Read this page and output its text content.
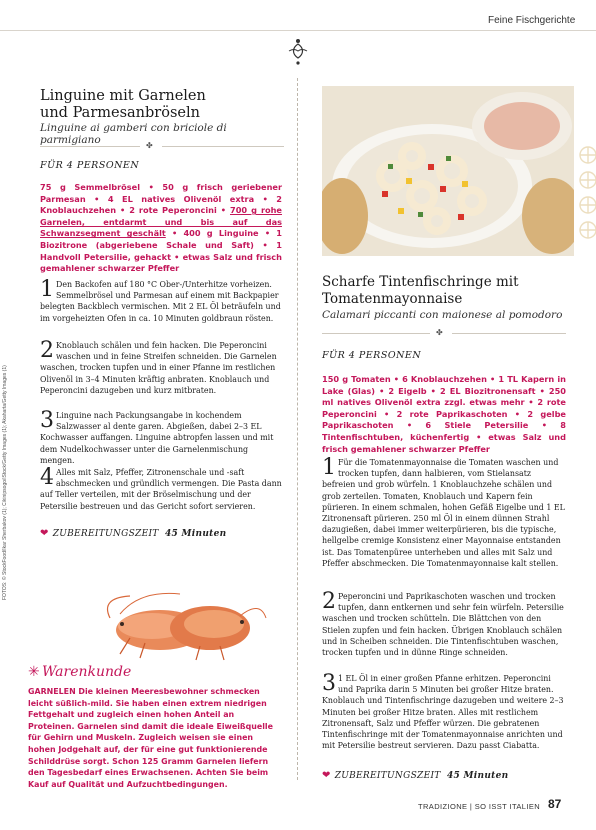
Feine Fischgerichte
Linguine mit Garnelen
und Parmesanbröseln
Linguine ai gamberi con briciole di parmigiano	✤
FÜR 4 PERSONEN
75 g Semmelbrösel • 50 g frisch geriebener Parmesan • 4 EL natives Olivenöl extra • 2 Knoblauchzehen • 2 rote Peperoncini • 700 g rohe Garnelen, entdarmt und bis auf das Schwanzsegment geschält • 400 g Linguine • 1 Biozitrone (abgeriebene Schale und Saft) • 1 Handvoll Petersilie, gehackt • etwas Salz und frisch gemahlener schwarzer Pfeffer
1 Den Backofen auf 180 °C Ober-/Unterhitze vorheizen. Semmelbrösel und Parmesan auf einem mit Backpapier belegten Backblech vermischen. Mit 2 EL Öl beträufeln und im vorgeheizten Ofen in ca. 10 Minuten goldbraun rösten.
2 Knoblauch schälen und fein hacken. Die Peperoncini waschen und in feine Streifen schneiden. Die Garnelen waschen, trocken tupfen und in einer Pfanne im restlichen Olivenöl in 3–4 Minuten kräftig anbraten. Knoblauch und Peperoncini dazugeben und kurz mitbraten.
3 Linguine nach Packungsangabe in kochendem Salzwasser al dente garen. Abgießen, dabei 2–3 EL Kochwasser auffangen. Linguine abtropfen lassen und mit dem Nudelkochwasser unter die Garnelenmischung mengen.
4 Alles mit Salz, Pfeffer, Zitronenschale und -saft abschmecken und gründlich vermengen. Die Pasta dann auf Teller verteilen, mit der Bröselmischung und der Petersilie bestreuen und das Gericht sofort servieren.
❤ ZUBEREITUNGSZEIT 45 Minuten
✳ Warenkunde
GARNELEN Die kleinen Meeresbewohner schmecken leicht süßlich-mild. Sie haben einen extrem niedrigen Fettgehalt und zugleich einen hohen Anteil an Proteinen. Garnelen sind damit die ideale Eiweißquelle für Gehirn und Muskeln. Zugleich weisen sie einen hohen Jodgehalt auf, der für eine gut funktionierende Schilddrüse sorgt. Schon 125 Gramm Garnelen liefern den Tagesbedarf eines Erwachsenen. Achten Sie beim Kauf auf Qualität und Aufzuchtbedingungen.
FOTOS: © StockFood/Ikar Sherbakov (1); Cikinipsogo/iStock/Getty Images (1); Akaharta/Getty Images (1)
Scharfe Tintenfischringe mit
Tomatenmayonnaise
Calamari piccanti con maionese al pomodoro
✤
FÜR 4 PERSONEN
150 g Tomaten • 6 Knoblauchzehen • 1 TL Kapern in Lake (Glas) • 2 Eigelb • 2 EL Biozitronensaft • 250 ml natives Olivenöl extra zzgl. etwas mehr • 2 rote Peperoncini • 2 rote Paprikaschoten • 2 gelbe Paprikaschoten • 6 Stiele Petersilie • 8 Tintenfischtuben, küchenfertig • etwas Salz und frisch gemahlener schwarzer Pfeffer
1 Für die Tomatenmayonnaise die Tomaten waschen und trocken tupfen, dann halbieren, vom Stielansatz befreien und grob würfeln. 1 Knoblauchzehe schälen und grob zerteilen. Tomaten, Knoblauch und Kapern fein pürieren. In einem schmalen, hohen Gefäß Eigelbe und 1 EL Zitronensaft pürieren. 250 ml Öl in einem dünnen Strahl dazugießen, dabei immer weiterpürieren, bis die typische, hellgelbe cremige Konsistenz einer Mayonnaise entstanden ist. Das Tomatenpüree unterheben und alles mit Salz und Pfeffer abschmecken. Die Tomatenmayonnaise kalt stellen.
2 Peperoncini und Paprikaschoten waschen und trocken tupfen, dann entkernen und sehr fein würfeln. Petersilie waschen und trocken schütteln. Die Blättchen von den Stielen zupfen und fein hacken. Übrigen Knoblauch schälen und in Scheiben schneiden. Die Tintenfischtuben waschen, trocken tupfen und in dünne Ringe schneiden.
3 1 EL Öl in einer großen Pfanne erhitzen. Peperoncini und Paprika darin 5 Minuten bei großer Hitze braten. Knoblauch und Tintenfischringe dazugeben und weitere 2–3 Minuten bei großer Hitze braten. Alles mit restlichem Zitronensaft, Salz und Pfeffer würzen. Die gebratenen Tintenfischringe mit der Tomatenmayonnaise anrichten und mit Petersilie bestreut servieren. Dazu passt Ciabatta.
❤ ZUBEREITUNGSZEIT 45 Minuten
TRADIZIONE | SO ISST ITALIEN 87
